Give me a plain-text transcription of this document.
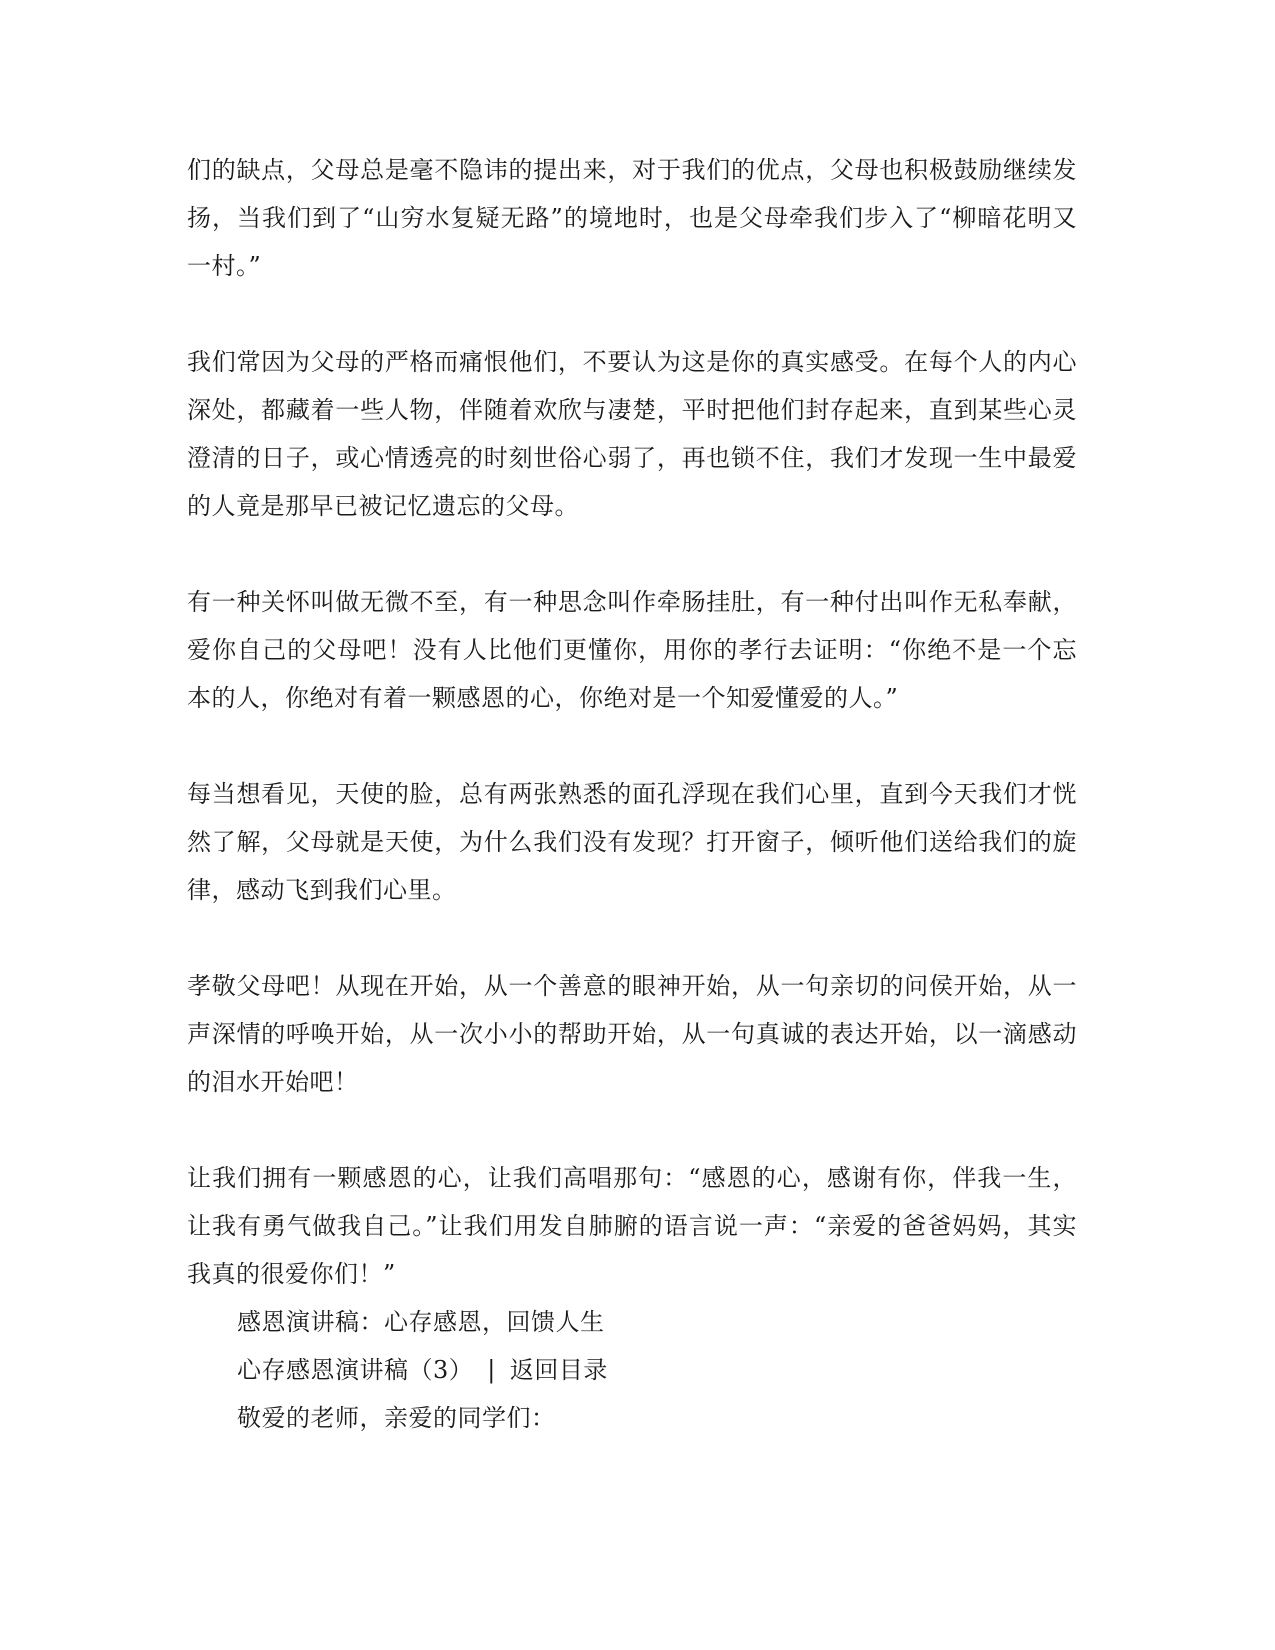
们的缺点，父母总是毫不隐讳的提出来，对于我们的优点，父母也积极鼓励继续发扬，当我们到了“山穷水复疑无路”的境地时，也是父母牵我们步入了“柳暗花明又一村。”

我们常因为父母的严格而痛恨他们，不要认为这是你的真实感受。在每个人的内心深处，都藏着一些人物，伴随着欢欣与凄楚，平时把他们封存起来，直到某些心灵澄清的日子，或心情透亮的时刻世俗心弱了，再也锁不住，我们才发现一生中最爱的人竟是那早已被记忆遗忘的父母。

有一种关怀叫做无微不至，有一种思念叫作牵肠挂肚，有一种付出叫作无私奉献，爱你自己的父母吧！没有人比他们更懂你，用你的孝行去证明：“你绝不是一个忘本的人，你绝对有着一颗感恩的心，你绝对是一个知爱懂爱的人。”

每当想看见，天使的脸，总有两张熟悉的面孔浮现在我们心里，直到今天我们才恍然了解，父母就是天使，为什么我们没有发现？打开窗子，倾听他们送给我们的旋律，感动飞到我们心里。

孝敬父母吧！从现在开始，从一个善意的眼神开始，从一句亲切的问侯开始，从一声深情的呼唤开始，从一次小小的帮助开始，从一句真诚的表达开始，以一滴感动的泪水开始吧！

让我们拥有一颗感恩的心，让我们高唱那句：“感恩的心，感谢有你，伴我一生，让我有勇气做我自己。”让我们用发自肺腑的语言说一声：“亲爱的爸爸妈妈，其实我真的很爱你们！”

感恩演讲稿：心存感恩，回馈人生

心存感恩演讲稿（3） | 返回目录

敬爱的老师，亲爱的同学们：
